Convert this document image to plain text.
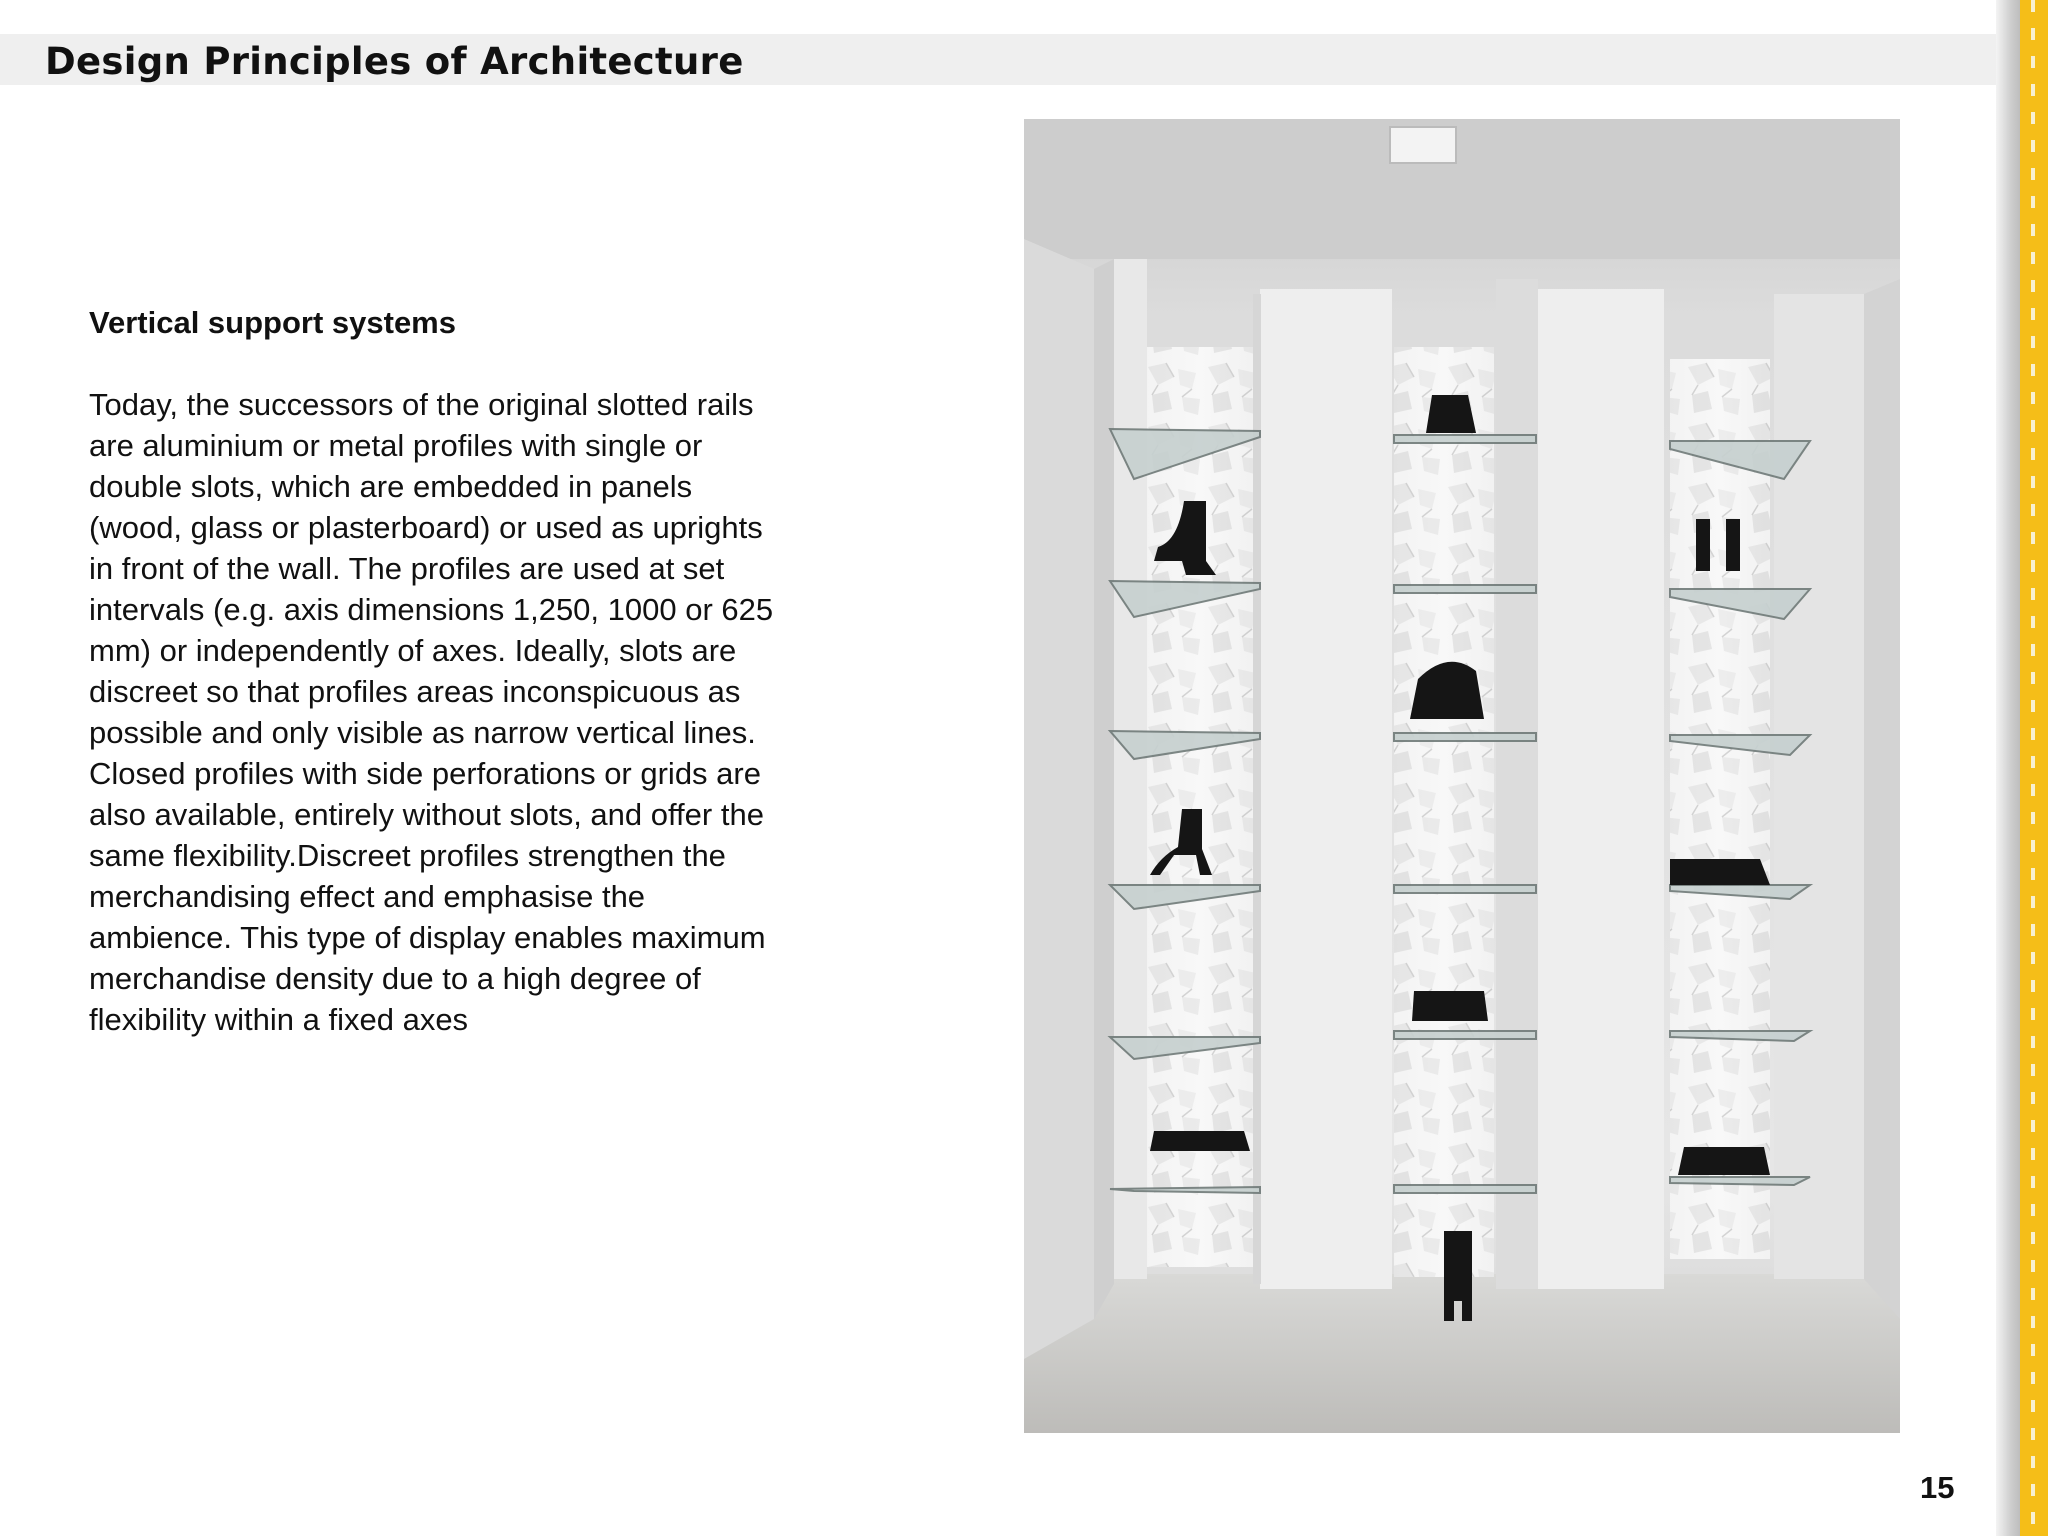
Design Principles of Architecture
Vertical support systems

Today, the successors of the original slotted rails
are aluminium or metal profiles with single or
double slots, which are embedded in panels
(wood, glass or plasterboard) or used as uprights
in front of the wall. The profiles are used at set
intervals (e.g. axis dimensions 1,250, 1000 or 625
mm) or independently of axes. Ideally, slots are
discreet so that profiles areas inconspicuous as
possible and only visible as narrow vertical lines.
Closed profiles with side perforations or grids are
also available, entirely without slots, and offer the
same flexibility.Discreet profiles strengthen the
merchandising effect and emphasise the
ambience. This type of display enables maximum
merchandise density due to a high degree of
flexibility within a fixed axes

15
